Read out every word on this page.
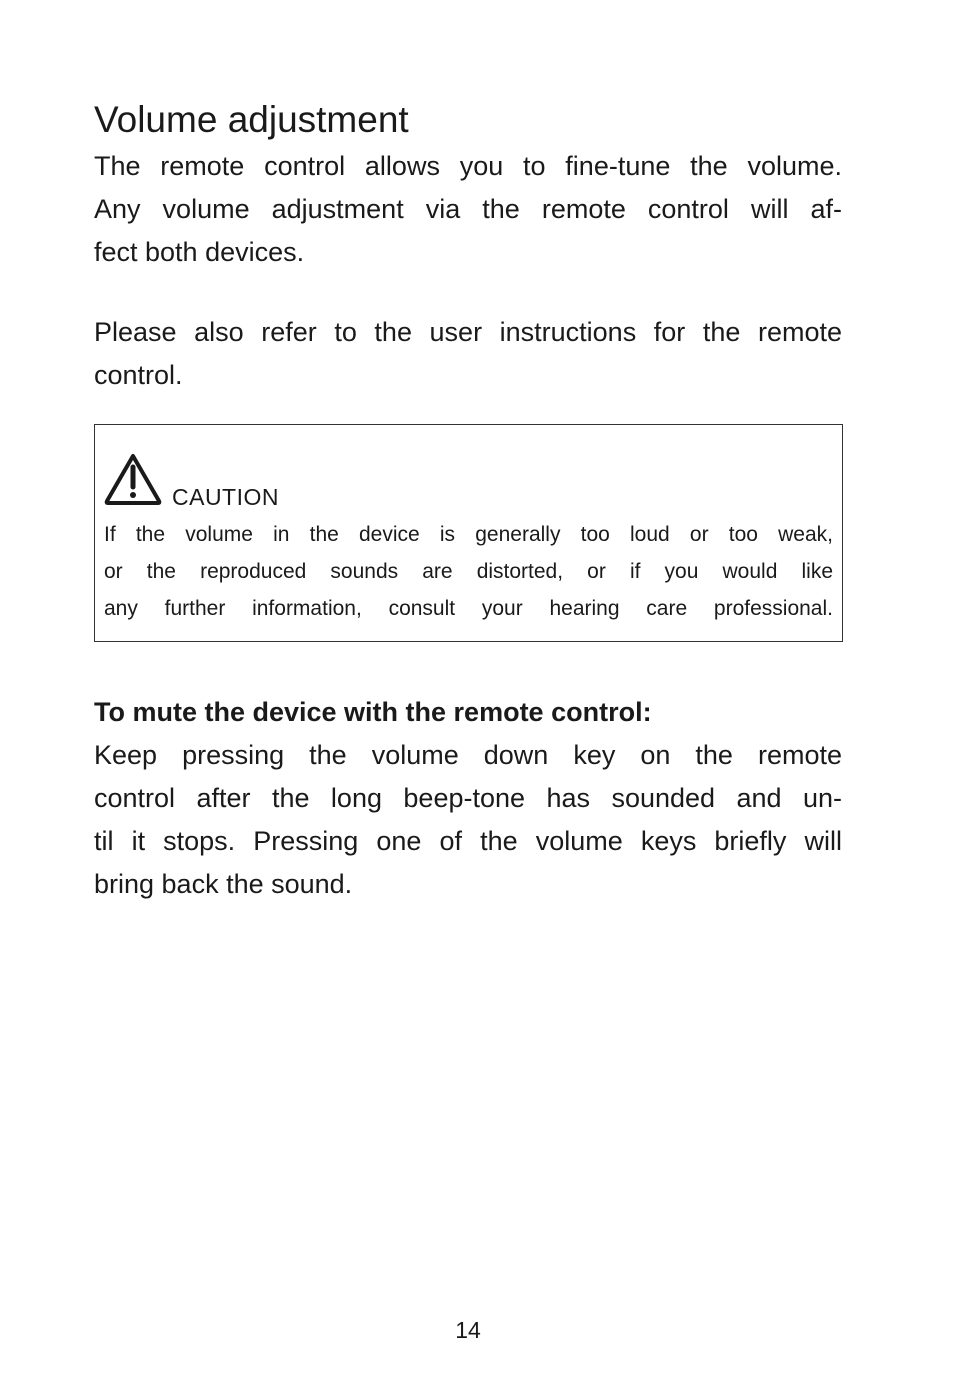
Volume adjustment

The remote control allows you to fine-tune the volume.
Any volume adjustment via the remote control will af-
fect both devices.

Please also refer to the user instructions for the remote
control.

CAUTION
If the volume in the device is generally too loud or too weak,
or the reproduced sounds are distorted, or if you would like
any further information, consult your hearing care professional.
To mute the device with the remote control:

Keep pressing the volume down key on the remote
control after the long beep-tone has sounded and un-
til it stops. Pressing one of the volume keys briefly will
bring back the sound.

14
